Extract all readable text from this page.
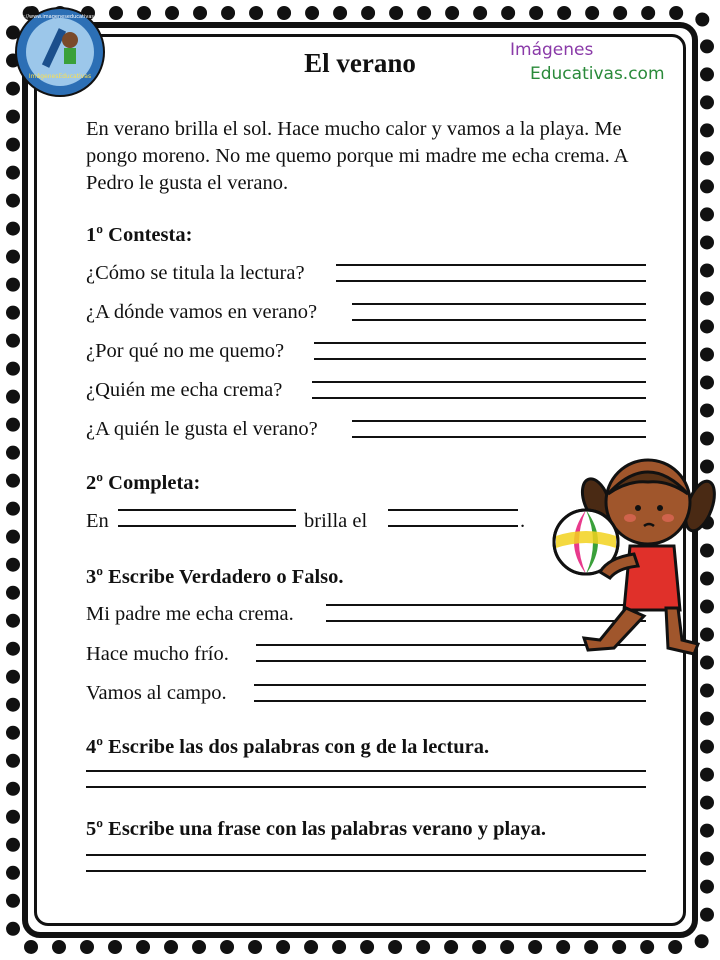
ImágenesEducativas
http://www.imageneseducativas.com
Imágenes
Educativas.com
El verano

En verano brilla el sol. Hace mucho calor y vamos a la playa. Me pongo moreno. No me quemo porque mi madre me echa crema. A Pedro le gusta el verano.

1º Contesta:
¿Cómo se titula la lectura?
¿A dónde vamos en verano?
¿Por qué no me quemo?
¿Quién me echa crema?
¿A quién le gusta el verano?
2º Completa:
En	brilla el	.
3º Escribe Verdadero o Falso.
Mi padre me echa crema.
Hace mucho frío.
Vamos al campo.
4º Escribe las dos palabras con g de la lectura.
5º Escribe una frase con las palabras verano y playa.
